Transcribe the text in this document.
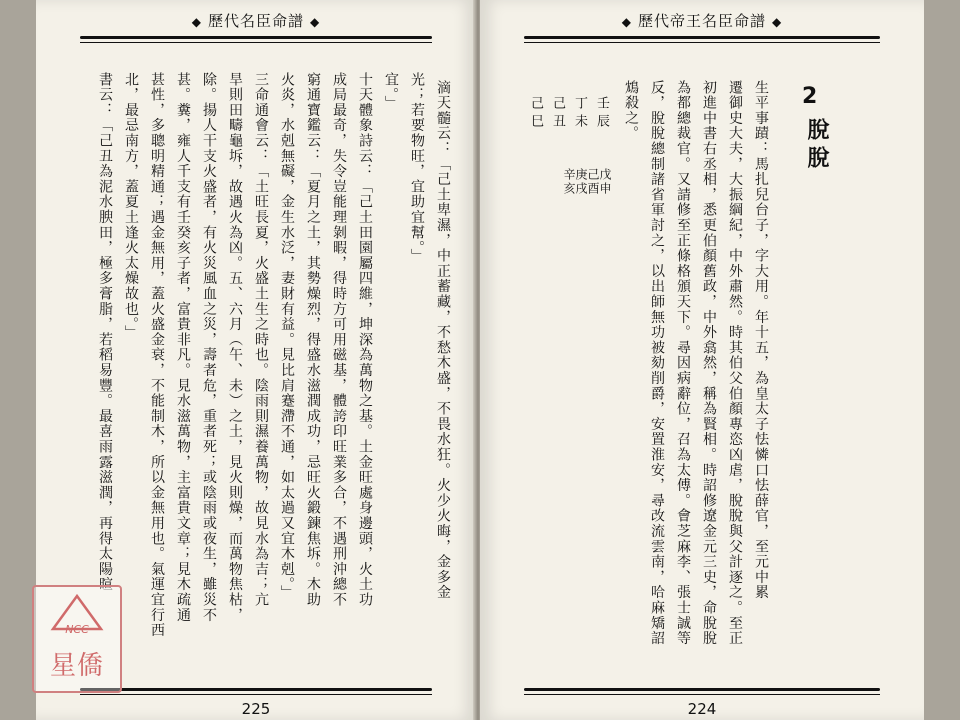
◆ 歷代名臣命譜 ◆
書云：「己丑為泥水腴田，極多膏脂，若稻易豐。最喜雨露滋潤，再得太陽暄 北，最忌南方，蓋夏土逢火太燥故也。」 甚性，多聰明精通；遇金無用，蓋火盛金衰，不能制木，所以金無用也。氣運宜行西 甚。糞，雍人千支有壬癸亥子者，富貴非凡。見水滋萬物，主富貴文章；見木疏通 除。揚人干支火盛者，有火災風血之災，壽者危，重者死；或陰雨或夜生，雖災不 旱則田疇龜坼，故遇火為凶。五、六月（午、未）之土，見火則燥，而萬物焦枯， 三命通會云：「土旺長夏，火盛土生之時也。陰雨則濕養萬物，故見水為吉；亢 火炎，水剋無礙，金生水泛，妻財有益。見比肩蹇滯不通，如太過又宜木剋。」 窮通寶鑑云：「夏月之土，其勢燥烈，得盛水滋潤成功，忌旺火鍛鍊焦坼。木助 成局最奇，失令豈能理剝暇，得時方可用磁基，體誇印旺業多合，不遇刑沖總不 十天體象詩云：「己土田園屬四維，坤深為萬物之基。土金旺處身邊頭，火土功 宜。」 光；若要物旺，宜助宜幫。」 滴天髓云：「己土卑濕，中正蓄藏，不愁木盛，不畏水狂。火少火晦，金多金
225
◆ 歷代帝王名臣命譜 ◆
2
脫脫
生平事蹟：馬扎兒台子，字大用。年十五，為皇太子怯憐口怯薛官，至元中累
遷御史大夫，大振綱紀，中外肅然。時其伯父伯顏專恣凶虐，脫脫與父計逐之。至正
初進中書右丞相，悉更伯顏舊政，中外翕然，稱為賢相。時詔修遼金元三史，命脫脫
為都總裁官。又請修至正條格頒天下。尋因病辭位，召為太傅。會芝麻李、張士誠等
反，脫脫總制諸省軍討之，以出師無功被劾削爵，安置淮安，尋改流雲南，哈麻矯詔
鴆殺之。
壬辰
丁未
己丑
己巳
戊申
己酉
庚戌
辛亥
224
NCC
星僑
